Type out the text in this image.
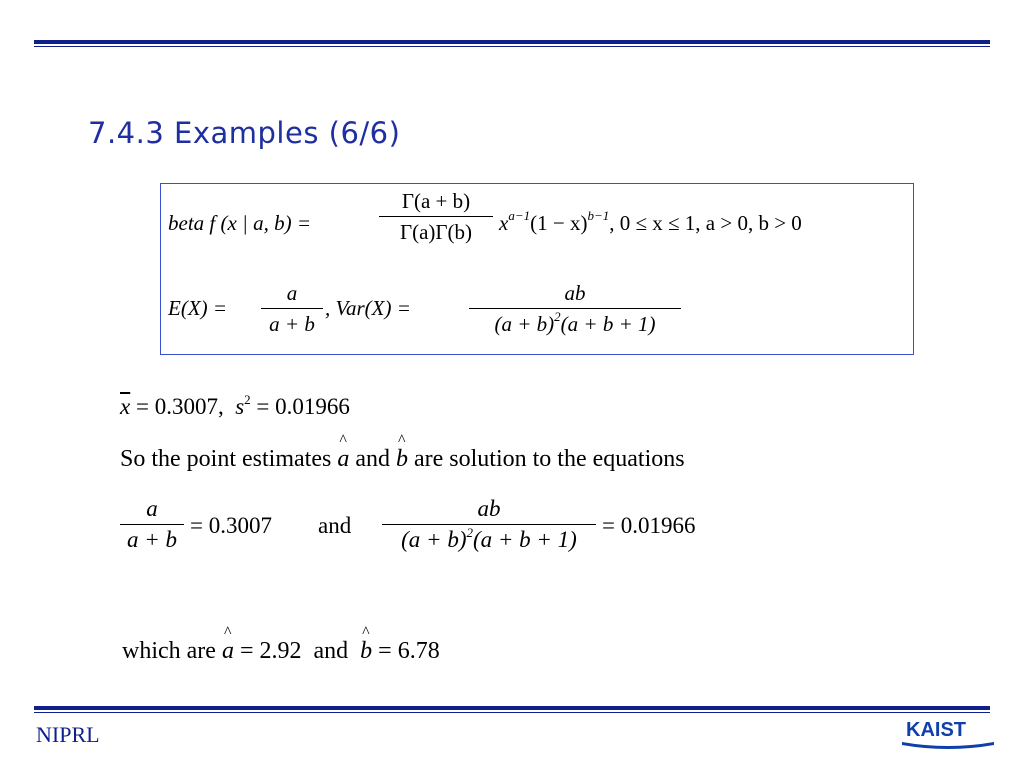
7.4.3 Examples (6/6)
beta f (x | a, b) =
Γ(a + b)
Γ(a)Γ(b)	$x^{a-1}(1 - x)^{b-1}$, 0 ≤ x ≤ 1, a > 0, b > 0
E(X) =
a
a + b
, Var(X) =
ab
$(a + b)^2(a + b + 1)$
$\overline{x} = 0.3007$, $s^2 = 0.01966$
So the point estimates ^ a and ^ b are solution to the equations
a
a + b
= 0.3007 and
ab
$(a + b)^2(a + b + 1)$
= 0.01966
which are ^ a = 2.92  and  ^ b = 6.78
NIPRL	KAIST
